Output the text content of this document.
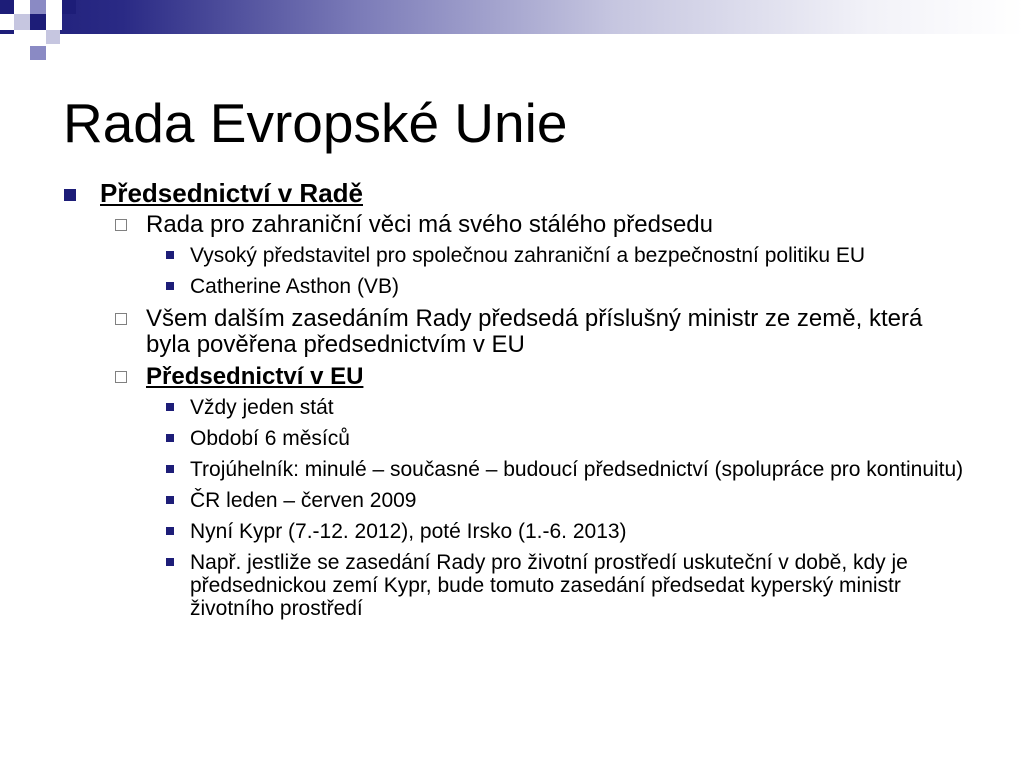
Rada Evropské Unie
Předsednictví v Radě
Rada pro zahraniční věci má svého stálého předsedu
Vysoký představitel pro společnou zahraniční a bezpečnostní politiku EU
Catherine Asthon (VB)
Všem dalším zasedáním Rady předsedá příslušný ministr ze země, která byla pověřena předsednictvím v EU
Předsednictví v EU
Vždy jeden stát
Období 6 měsíců
Trojúhelník: minulé – současné – budoucí předsednictví (spolupráce pro kontinuitu)
ČR leden – červen 2009
Nyní Kypr (7.-12. 2012), poté Irsko (1.-6. 2013)
Např. jestliže se zasedání Rady pro životní prostředí uskuteční v době, kdy je předsednickou zemí Kypr, bude tomuto zasedání předsedat kyperský ministr životního prostředí
